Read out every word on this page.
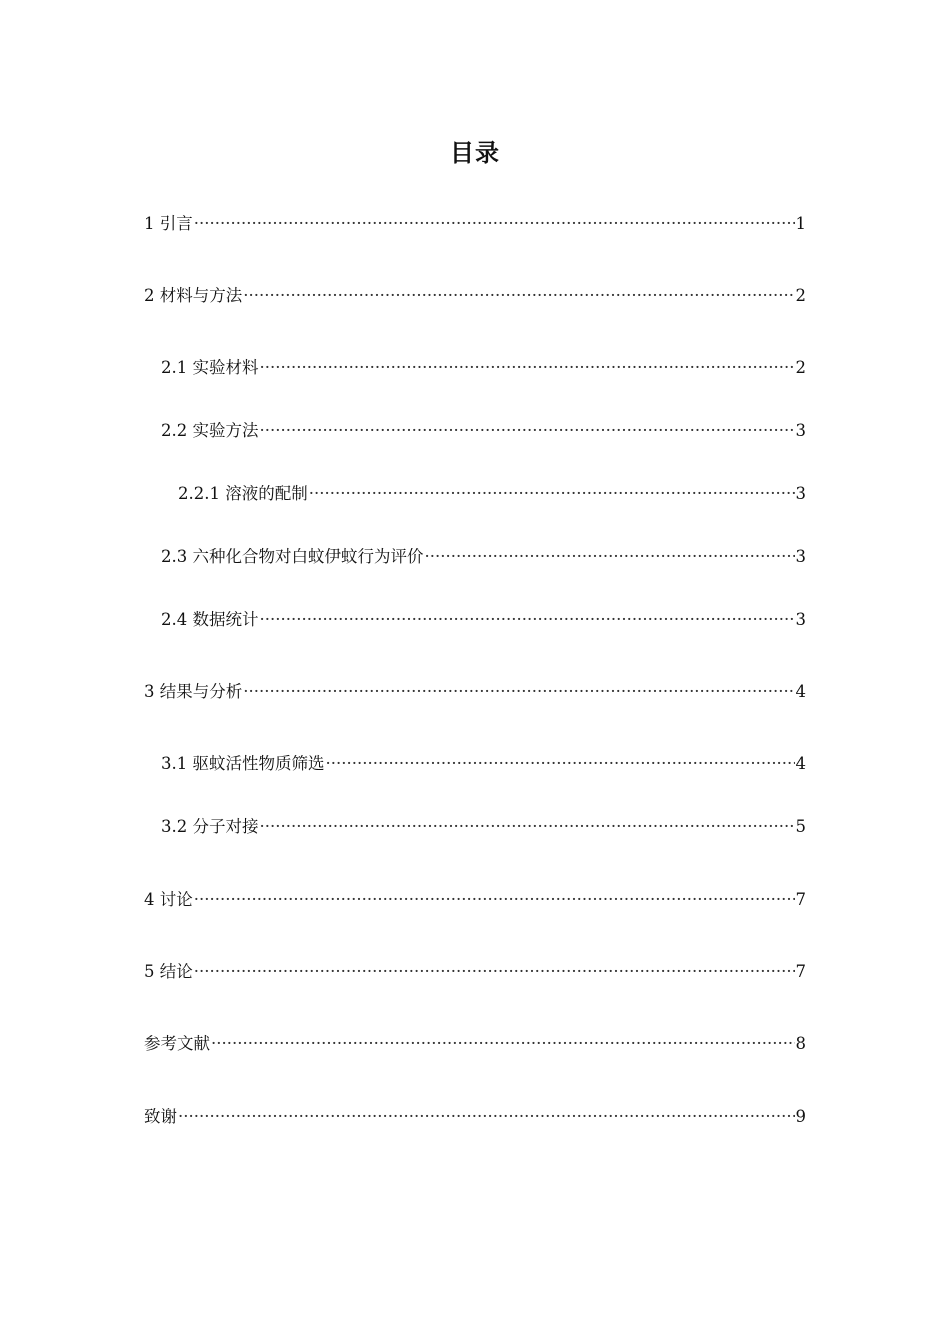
目录
1 引言 ·····	1
2 材料与方法 ·····	2
2.1 实验材料 ·····	2
2.2 实验方法 ·····	3
2.2.1 溶液的配制 ·····	3
2.3 六种化合物对白蚊伊蚊行为评价 ·····	3
2.4 数据统计 ·····	3
3 结果与分析 ·····	4
3.1 驱蚊活性物质筛选 ·····	4
3.2 分子对接 ·····	5
4 讨论 ·····	7
5 结论 ·····	7
参考文献 ·····	8
致谢 ·····	9
